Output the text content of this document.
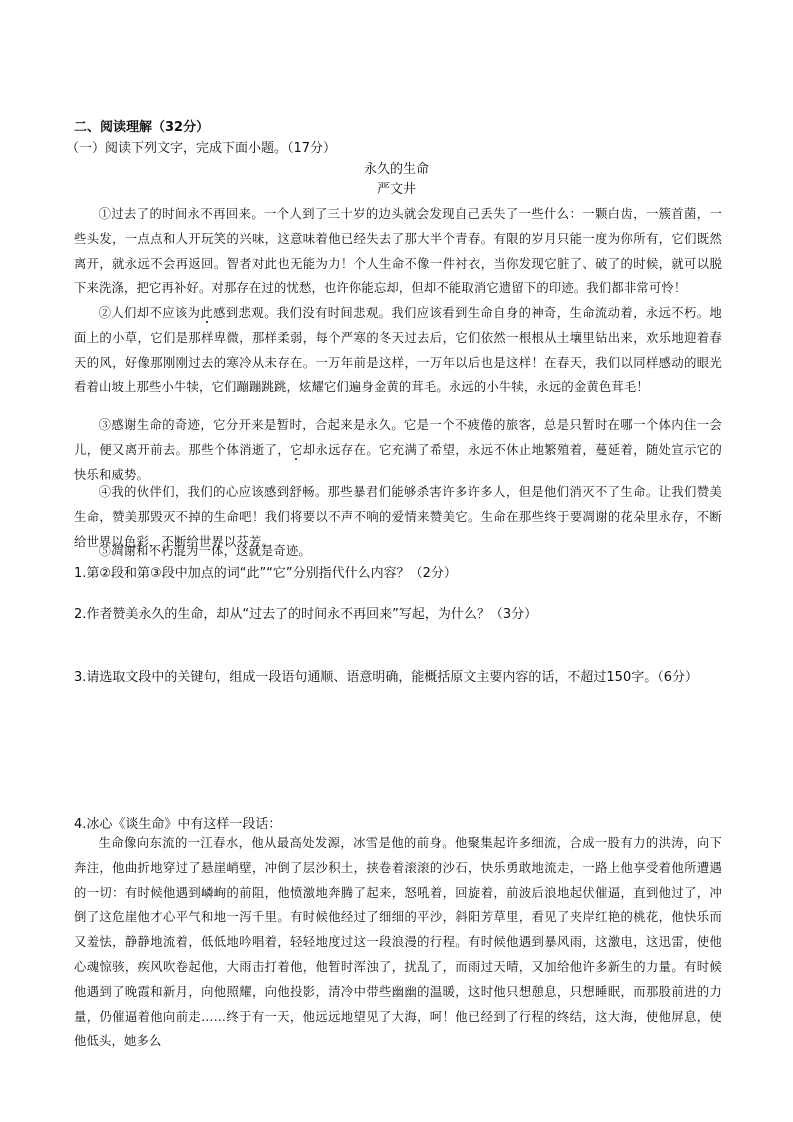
二、阅读理解（32分）
（一）阅读下列文字，完成下面小题。（17分）
永久的生命
严文井
①过去了的时间永不再回来。一个人到了三十岁的边头就会发现自己丢失了一些什么：一颗白齿，一簇首菌，一些头发，一点点和人开玩笑的兴味，这意味着他已经失去了那大半个青春。有限的岁月只能一度为你所有，它们既然离开，就永远不会再返回。智者对此也无能为力！个人生命不像一件衬衣，当你发现它脏了、破了的时候，就可以脱下来洗涤，把它再补好。对那存在过的忧愁，也许你能忘却，但却不能取消它遗留下的印迹。我们都非常可怜！
②人们却不应该为此感到悲观。我们没有时间悲观。我们应该看到生命自身的神奇，生命流动着，永远不朽。地面上的小草，它们是那样卑微，那样柔弱，每个严寒的冬天过去后，它们依然一根根从土壤里钻出来，欢乐地迎着春天的风，好像那刚刚过去的寒冷从未存在。一万年前是这样，一万年以后也是这样！在春天，我们以同样感动的眼光看着山坡上那些小牛犊，它们蹦蹦跳跳，炫耀它们遍身金黄的茸毛。永远的小牛犊，永远的金黄色茸毛！
③感谢生命的奇迹，它分开来是暂时，合起来是永久。它是一个不疲倦的旅客，总是只暂时在哪一个体内住一会儿，便又离开前去。那些个体消逝了，它却永远存在。它充满了希望，永远不休止地繁殖着，蔓延着，随处宣示它的快乐和威势。
④我的伙伴们，我们的心应该感到舒畅。那些暴君们能够杀害许多许多人，但是他们消灭不了生命。让我们赞美生命，赞美那毁灭不掉的生命吧！我们将要以不声不响的爱情来赞美它。生命在那些终于要凋谢的花朵里永存，不断给世界以色彩，不断给世界以芬芳。
⑤凋谢和不朽混为一体，这就是奇迹。
1.第②段和第③段中加点的词“此”“它”分别指代什么内容？（2分）
2.作者赞美永久的生命，却从“过去了的时间永不再回来”写起，为什么？（3分）
3.请选取文段中的关键句，组成一段语句通顺、语意明确，能概括原文主要内容的话，不超过150字。（6分）
4.冰心《谈生命》中有这样一段话：
生命像向东流的一江春水，他从最高处发源，冰雪是他的前身。他聚集起许多细流，合成一股有力的洪涛，向下奔注，他曲折地穿过了悬崖峭壁，冲倒了层沙积土，挟卷着滚滚的沙石，快乐勇敢地流走，一路上他享受着他所遭遇的一切：有时候他遇到嶙峋的前阻，他愤激地奔腾了起来，怒吼着，回旋着，前波后浪地起伏催逼，直到他过了，冲倒了这危崖他才心平气和地一泻千里。有时候他经过了细细的平沙，斜阳芳草里，看见了夹岸红艳的桃花，他快乐而又羞怯，静静地流着，低低地吟唱着，轻轻地度过这一段浪漫的行程。有时候他遇到暴风雨，这激电，这迅雷，使他心魂惊骇，疾风吹卷起他，大雨击打着他，他暂时浑浊了，扰乱了，而雨过天晴，又加给他许多新生的力量。有时候他遇到了晚霞和新月，向他照耀，向他投影，清冷中带些幽幽的温暖，这时他只想憩息，只想睡眠，而那股前进的力量，仍催逼着他向前走……终于有一天，他远远地望见了大海，呵！他已经到了行程的终结，这大海，使他屏息，使他低头，她多么
